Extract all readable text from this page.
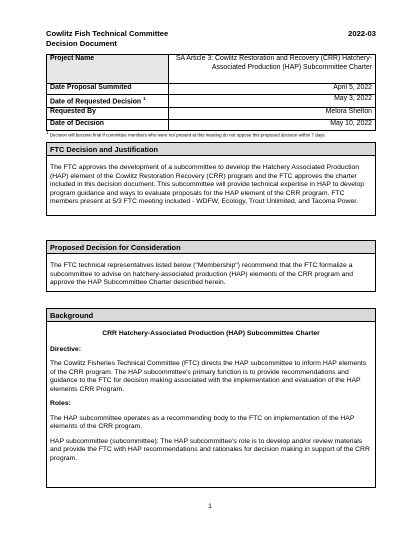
Cowlitz Fish Technical Committee
Decision Document
2022-03
Project Name	SA Article 3: Cowlitz Restoration and Recovery (CRR) Hatchery-Associated Production (HAP) Subcommittee Charter
Date Proposal Summited	April 5, 2022
Date of Requested Decision $^1$	May 3, 2022
Requested By	Melora Shelton
Date of Decision	May 10, 2022
1 Decision will become final if committee members who were not present at this meeting do not oppose this proposed decision within 7 days
FTC Decision and Justification

The FTC approves the development of a subcommittee to develop the Hatchery Associated Production (HAP) element of the Cowlitz Restoration Recovery (CRR) program and the FTC approves the charter included in this decision document. This subcommittee will provide technical expertise in HAP to develop program guidance and ways to evaluate proposals for the HAP element of the CRR program. FTC members present at 5/3 FTC meeting included - WDFW, Ecology, Trout Unlimited, and Tacoma Power.

Proposed Decision for Consideration

The FTC technical representatives listed below ("Membership") recommend that the FTC formalize a subcommittee to advise on hatchery-associated production (HAP) elements of the CRR program and approve the HAP Subcommittee Charter described herein.

Background

CRR Hatchery-Associated Production (HAP) Subcommittee Charter

Directive:

The Cowlitz Fisheries Technical Committee (FTC) directs the HAP subcommittee to inform HAP elements of the CRR program. The HAP subcommittee's primary function is to provide recommendations and guidance to the FTC for decision making associated with the implementation and evaluation of the HAP elements CRR Program.

Roles:

The HAP subcommittee operates as a recommending body to the FTC on implementation of the HAP elements of the CRR program.

HAP subcommittee (subcommittee): The HAP subcommittee's role is to develop and/or review materials and provide the FTC with HAP recommendations and rationales for decision making in support of the CRR program.

1
